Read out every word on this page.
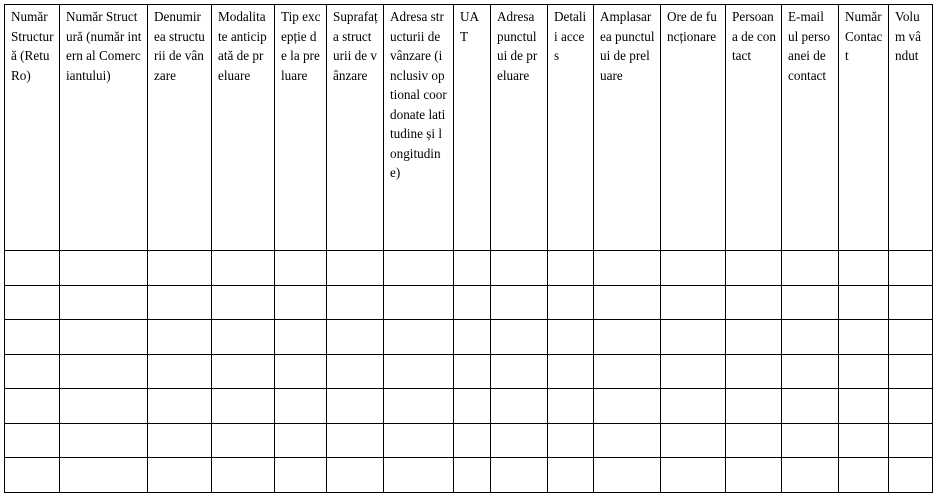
Număr Structură (Retu Ro)	Număr Structură (număr intern al Comerciantului)	Denumirea structurii de vânzare	Modalitate anticipată de preluare	Tip excepție de la preluare	Suprafața structurii de vânzare	Adresa structurii de vânzare (inclusiv optional coordonate latitudine și longitudine)	UAT	Adresa punctului de preluare	Detalii acces	Amplasarea punctului de preluare	Ore de funcționare	Persoana de contact	E-mail ul persoanei de contact	Număr Contact	Volum vândut
